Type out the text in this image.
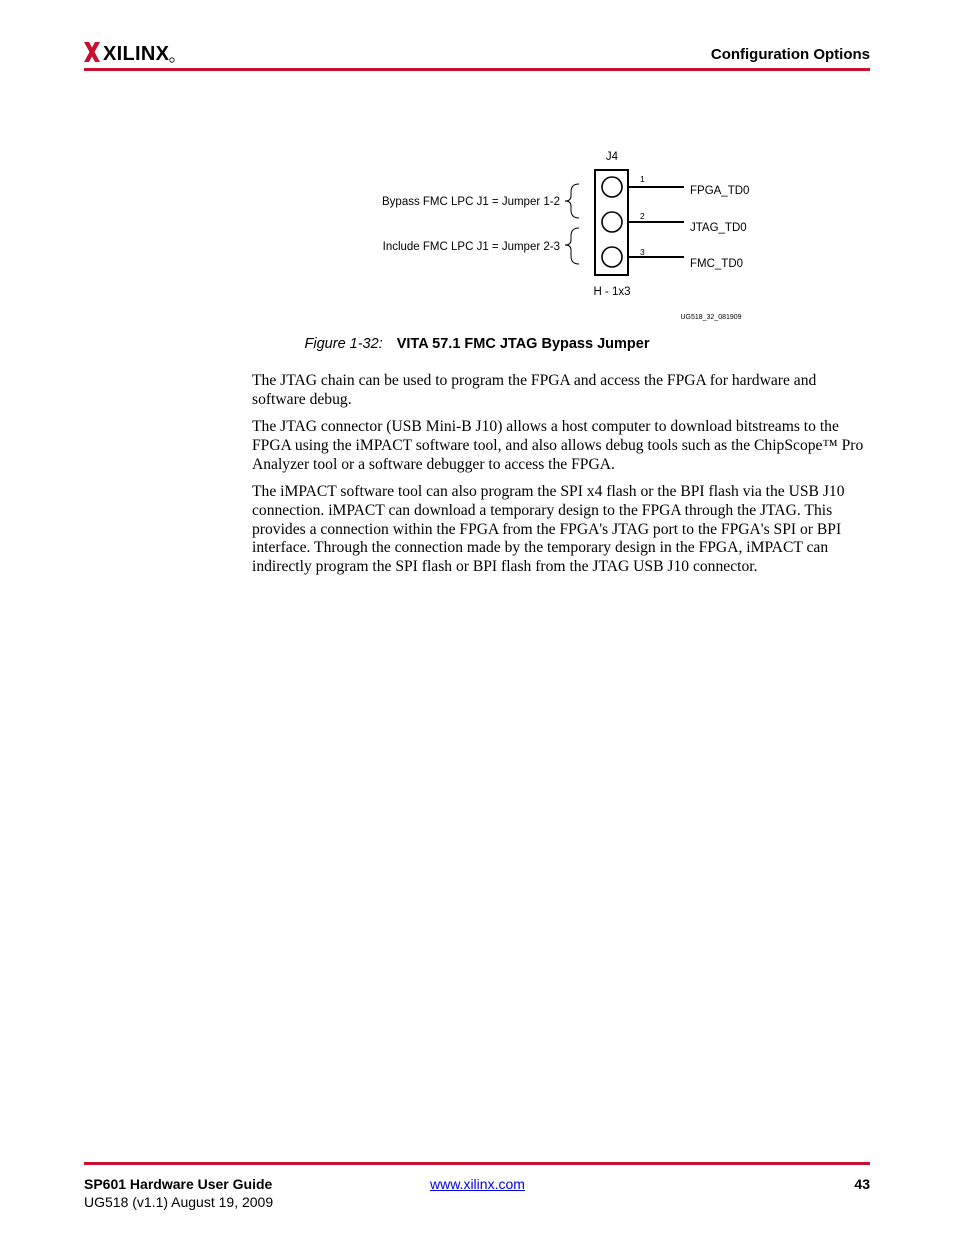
XILINX	Configuration Options
J4
1
2
3
FPGA_TD0
JTAG_TD0
FMC_TD0
Bypass FMC LPC J1 = Jumper 1-2
Include FMC LPC J1 = Jumper 2-3
H - 1x3
UG518_32_081909
Figure 1-32: VITA 57.1 FMC JTAG Bypass Jumper

The JTAG chain can be used to program the FPGA and access the FPGA for hardware and software debug.

The JTAG connector (USB Mini-B J10) allows a host computer to download bitstreams to the FPGA using the iMPACT software tool, and also allows debug tools such as the ChipScope™ Pro Analyzer tool or a software debugger to access the FPGA.

The iMPACT software tool can also program the SPI x4 flash or the BPI flash via the USB J10 connection. iMPACT can download a temporary design to the FPGA through the JTAG. This provides a connection within the FPGA from the FPGA's JTAG port to the FPGA's SPI or BPI interface. Through the connection made by the temporary design in the FPGA, iMPACT can indirectly program the SPI flash or BPI flash from the JTAG USB J10 connector.

SP601 Hardware User Guide
UG518 (v1.1) August 19, 2009
www.xilinx.com	43
